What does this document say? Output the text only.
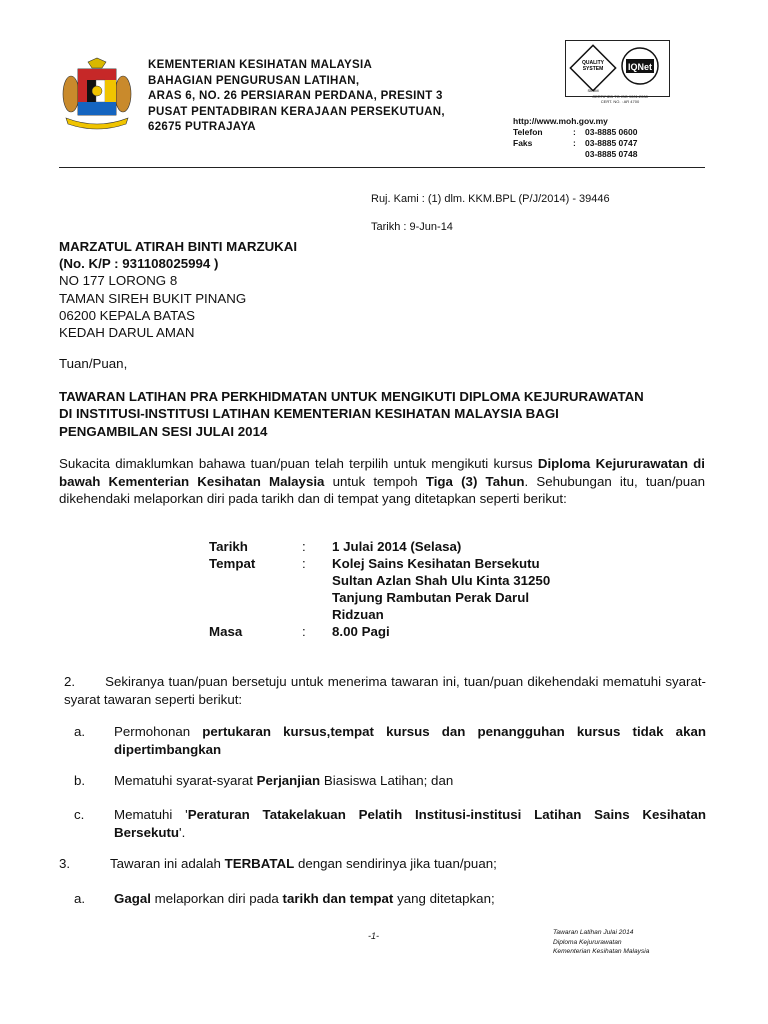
KEMENTERIAN KESIHATAN MALAYSIA
BAHAGIAN PENGURUSAN LATIHAN,
ARAS 6, NO. 26 PERSIARAN PERDANA, PRESINT 3
PUSAT PENTADBIRAN KERAJAAN PERSEKUTUAN,
62675 PUTRAJAYA
QUALITY
SYSTEM
SIRIM
IQNet
CERTIFIED TO ISO 9001:2008
CERT. NO. : AR 4700
http://www.moh.gov.my
Telefon	:	03-8885 0600
Faks	:	03-8885 0747
03-8885 0748
Ruj. Kami : (1) dlm. KKM.BPL (P/J/2014) - 39446
Tarikh : 9-Jun-14
MARZATUL ATIRAH BINTI MARZUKAI
(No. K/P : 931108025994 )
NO 177 LORONG 8
TAMAN SIREH BUKIT PINANG
06200 KEPALA BATAS
KEDAH DARUL AMAN
Tuan/Puan,
TAWARAN LATIHAN PRA PERKHIDMATAN UNTUK MENGIKUTI DIPLOMA KEJURURAWATAN
DI INSTITUSI-INSTITUSI LATIHAN KEMENTERIAN KESIHATAN MALAYSIA BAGI
PENGAMBILAN SESI JULAI 2014
Sukacita dimaklumkan bahawa tuan/puan telah terpilih untuk mengikuti kursus Diploma Kejururawatan di bawah Kementerian Kesihatan Malaysia untuk tempoh Tiga (3) Tahun. Sehubungan itu, tuan/puan dikehendaki melaporkan diri pada tarikh dan di tempat yang ditetapkan seperti berikut:
Tarikh	:	1 Julai 2014 (Selasa)
Tempat	:	Kolej Sains Kesihatan Bersekutu Sultan Azlan Shah Ulu Kinta 31250 Tanjung Rambutan Perak Darul Ridzuan
Masa	:	8.00 Pagi
2. Sekiranya tuan/puan bersetuju untuk menerima tawaran ini, tuan/puan dikehendaki mematuhi syarat-syarat tawaran seperti berikut:
a. Permohonan pertukaran kursus,tempat kursus dan penangguhan kursus tidak akan dipertimbangkan
b. Mematuhi syarat-syarat Perjanjian Biasiswa Latihan; dan
c. Mematuhi 'Peraturan Tatakelakuan Pelatih Institusi-institusi Latihan Sains Kesihatan Bersekutu'.
3.	Tawaran ini adalah TERBATAL dengan sendirinya jika tuan/puan;
a. Gagal melaporkan diri pada tarikh dan tempat yang ditetapkan;
-1-	Tawaran Latihan Julai 2014
Diploma Kejururawatan
Kementerian Kesihatan Malaysia
